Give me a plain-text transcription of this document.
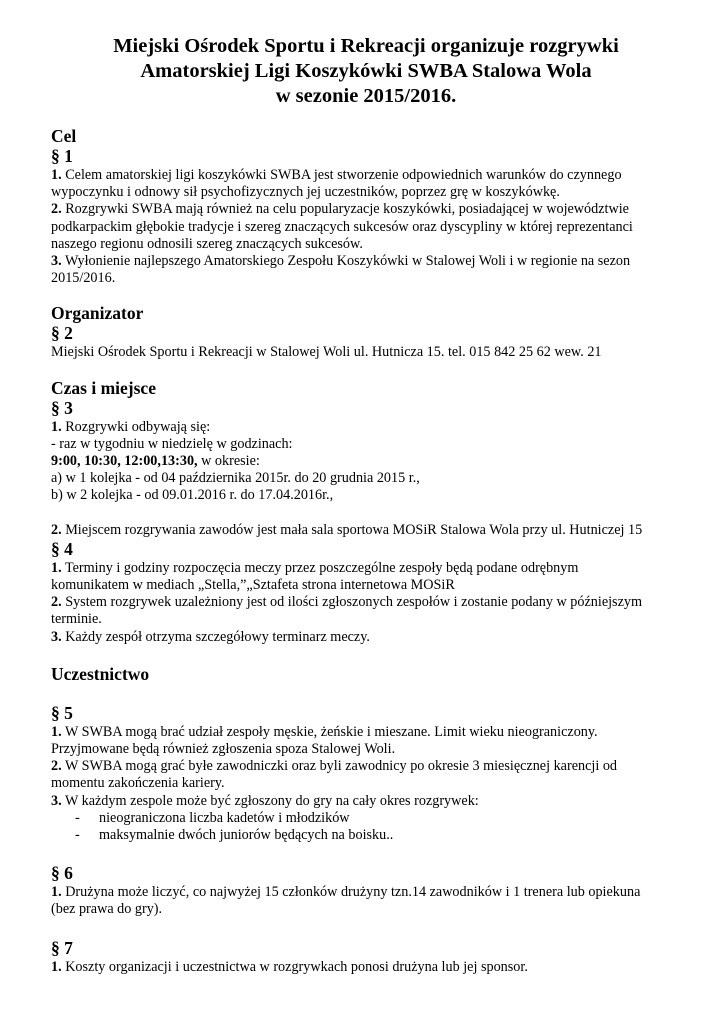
Miejski Ośrodek Sportu i Rekreacji organizuje rozgrywki
Amatorskiej Ligi Koszykówki SWBA Stalowa Wola
w sezonie 2015/2016.
Cel
§ 1
1. Celem amatorskiej ligi koszykówki SWBA jest stworzenie odpowiednich warunków do czynnego
wypoczynku i odnowy sił psychofizycznych jej uczestników, poprzez grę w koszykówkę.
2. Rozgrywki SWBA mają również na celu popularyzacje koszykówki, posiadającej w województwie
podkarpackim głębokie tradycje i szereg znaczących sukcesów oraz dyscypliny w której reprezentanci
naszego regionu odnosili szereg znaczących sukcesów.
3. Wyłonienie najlepszego Amatorskiego Zespołu Koszykówki w Stalowej Woli i w regionie na sezon
2015/2016.
Organizator
§ 2
Miejski Ośrodek Sportu i Rekreacji w Stalowej Woli ul. Hutnicza 15. tel. 015 842 25 62 wew. 21
Czas i miejsce
§ 3
1. Rozgrywki odbywają się:
- raz w tygodniu w niedzielę w godzinach:
9:00, 10:30, 12:00,13:30, w okresie:
a) w 1 kolejka - od 04 października 2015r. do 20 grudnia 2015 r.,
b) w 2 kolejka - od 09.01.2016 r. do 17.04.2016r.,
2. Miejscem rozgrywania zawodów jest mała sala sportowa MOSiR Stalowa Wola przy ul. Hutniczej 15
§ 4
1. Terminy i godziny rozpoczęcia meczy przez poszczególne zespoły będą podane odrębnym
komunikatem w mediach „Stella,”„Sztafeta strona internetowa MOSiR
2. System rozgrywek uzależniony jest od ilości zgłoszonych zespołów i zostanie podany w późniejszym
terminie.
3. Każdy zespół otrzyma szczegółowy terminarz meczy.
Uczestnictwo
§ 5
1. W SWBA mogą brać udział zespoły męskie, żeńskie i mieszane. Limit wieku nieograniczony.
Przyjmowane będą również zgłoszenia spoza Stalowej Woli.
2. W SWBA mogą grać byłe zawodniczki oraz byli zawodnicy po okresie 3 miesięcznej karencji od
momentu zakończenia kariery.
3. W każdym zespole może być zgłoszony do gry na cały okres rozgrywek:
- nieograniczona liczba kadetów i młodzików
- maksymalnie dwóch juniorów będących na boisku..
§ 6
1. Drużyna może liczyć, co najwyżej 15 członków drużyny tzn.14 zawodników i 1 trenera lub opiekuna
(bez prawa do gry).
§ 7
1. Koszty organizacji i uczestnictwa w rozgrywkach ponosi drużyna lub jej sponsor.
